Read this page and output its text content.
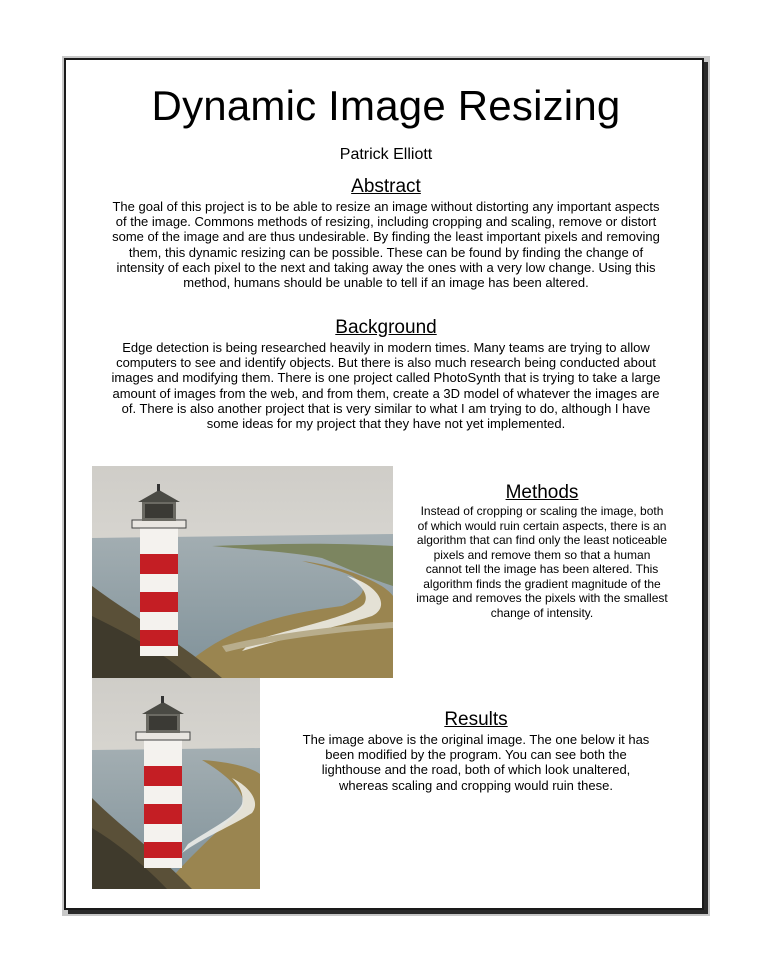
Dynamic Image Resizing
Patrick Elliott
Abstract

The goal of this project is to be able to resize an image without distorting any important aspects of the image. Commons methods of resizing, including cropping and scaling, remove or distort some of the image and are thus undesirable. By finding the least important pixels and removing them, this dynamic resizing can be possible. These can be found by finding the change of intensity of each pixel to the next and taking away the ones with a very low change. Using this method, humans should be unable to tell if an image has been altered.

Background

Edge detection is being researched heavily in modern times. Many teams are trying to allow computers to see and identify objects. But there is also much research being conducted about images and modifying them. There is one project called PhotoSynth that is trying to take a large amount of images from the web, and from them, create a 3D model of whatever the images are of. There is also another project that is very similar to what I am trying to do, although I have some ideas for my project that they have not yet implemented.

Methods

Instead of cropping or scaling the image, both of which would ruin certain aspects, there is an algorithm that can find only the least noticeable pixels and remove them so that a human cannot tell the image has been altered. This algorithm finds the gradient magnitude of the image and removes the pixels with the smallest change of intensity.

Results

The image above is the original image. The one below it has been modified by the program. You can see both the lighthouse and the road, both of which look unaltered, whereas scaling and cropping would ruin these.
